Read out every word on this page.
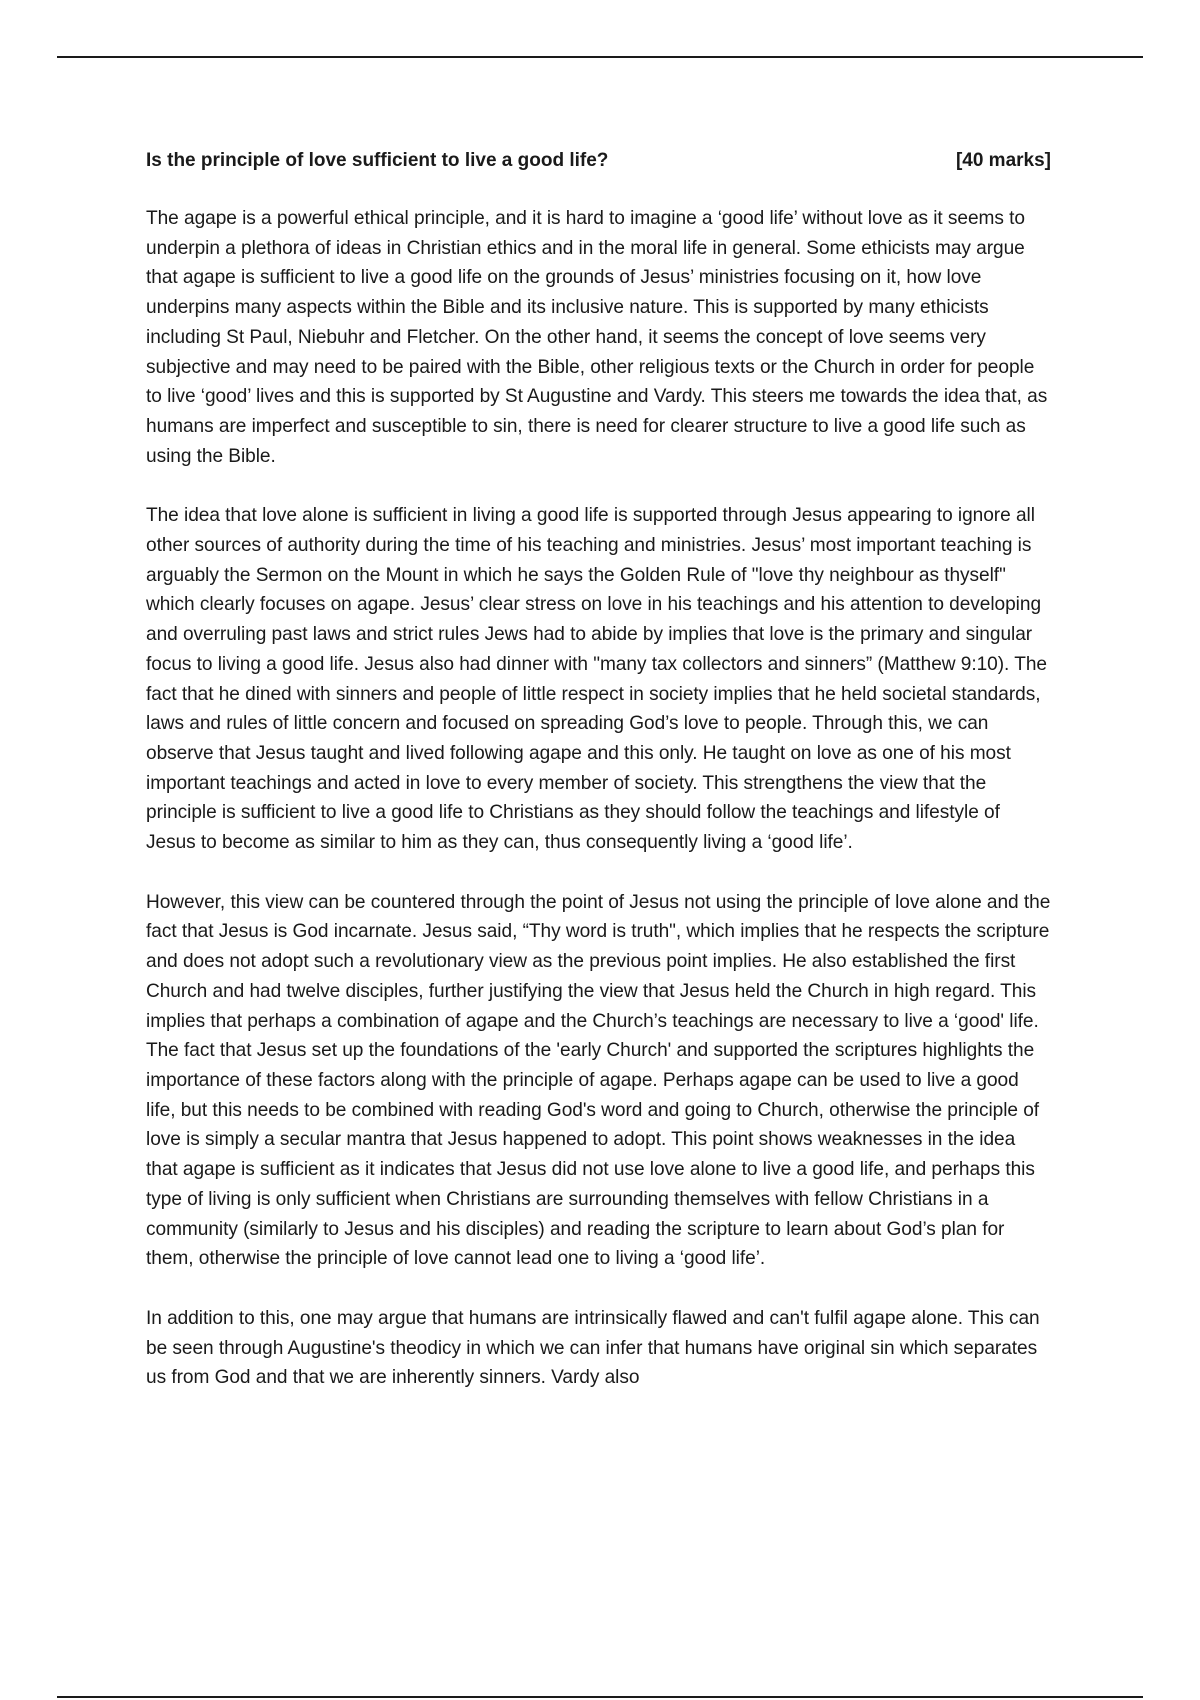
Is the principle of love sufficient to live a good life?	[40 marks]

The agape is a powerful ethical principle, and it is hard to imagine a ‘good life’ without love as it seems to underpin a plethora of ideas in Christian ethics and in the moral life in general. Some ethicists may argue that agape is sufficient to live a good life on the grounds of Jesus’ ministries focusing on it, how love underpins many aspects within the Bible and its inclusive nature. This is supported by many ethicists including St Paul, Niebuhr and Fletcher. On the other hand, it seems the concept of love seems very subjective and may need to be paired with the Bible, other religious texts or the Church in order for people to live ‘good’ lives and this is supported by St Augustine and Vardy. This steers me towards the idea that, as humans are imperfect and susceptible to sin, there is need for clearer structure to live a good life such as using the Bible.

The idea that love alone is sufficient in living a good life is supported through Jesus appearing to ignore all other sources of authority during the time of his teaching and ministries. Jesus’ most important teaching is arguably the Sermon on the Mount in which he says the Golden Rule of "love thy neighbour as thyself" which clearly focuses on agape. Jesus’ clear stress on love in his teachings and his attention to developing and overruling past laws and strict rules Jews had to abide by implies that love is the primary and singular focus to living a good life. Jesus also had dinner with "many tax collectors and sinners” (Matthew 9:10). The fact that he dined with sinners and people of little respect in society implies that he held societal standards, laws and rules of little concern and focused on spreading God’s love to people. Through this, we can observe that Jesus taught and lived following agape and this only. He taught on love as one of his most important teachings and acted in love to every member of society. This strengthens the view that the principle is sufficient to live a good life to Christians as they should follow the teachings and lifestyle of Jesus to become as similar to him as they can, thus consequently living a ‘good life’.

However, this view can be countered through the point of Jesus not using the principle of love alone and the fact that Jesus is God incarnate. Jesus said, “Thy word is truth", which implies that he respects the scripture and does not adopt such a revolutionary view as the previous point implies. He also established the first Church and had twelve disciples, further justifying the view that Jesus held the Church in high regard. This implies that perhaps a combination of agape and the Church’s teachings are necessary to live a ‘good' life. The fact that Jesus set up the foundations of the 'early Church' and supported the scriptures highlights the importance of these factors along with the principle of agape. Perhaps agape can be used to live a good life, but this needs to be combined with reading God's word and going to Church, otherwise the principle of love is simply a secular mantra that Jesus happened to adopt. This point shows weaknesses in the idea that agape is sufficient as it indicates that Jesus did not use love alone to live a good life, and perhaps this type of living is only sufficient when Christians are surrounding themselves with fellow Christians in a community (similarly to Jesus and his disciples) and reading the scripture to learn about God’s plan for them, otherwise the principle of love cannot lead one to living a ‘good life’.

In addition to this, one may argue that humans are intrinsically flawed and can't fulfil agape alone. This can be seen through Augustine's theodicy in which we can infer that humans have original sin which separates us from God and that we are inherently sinners. Vardy also
